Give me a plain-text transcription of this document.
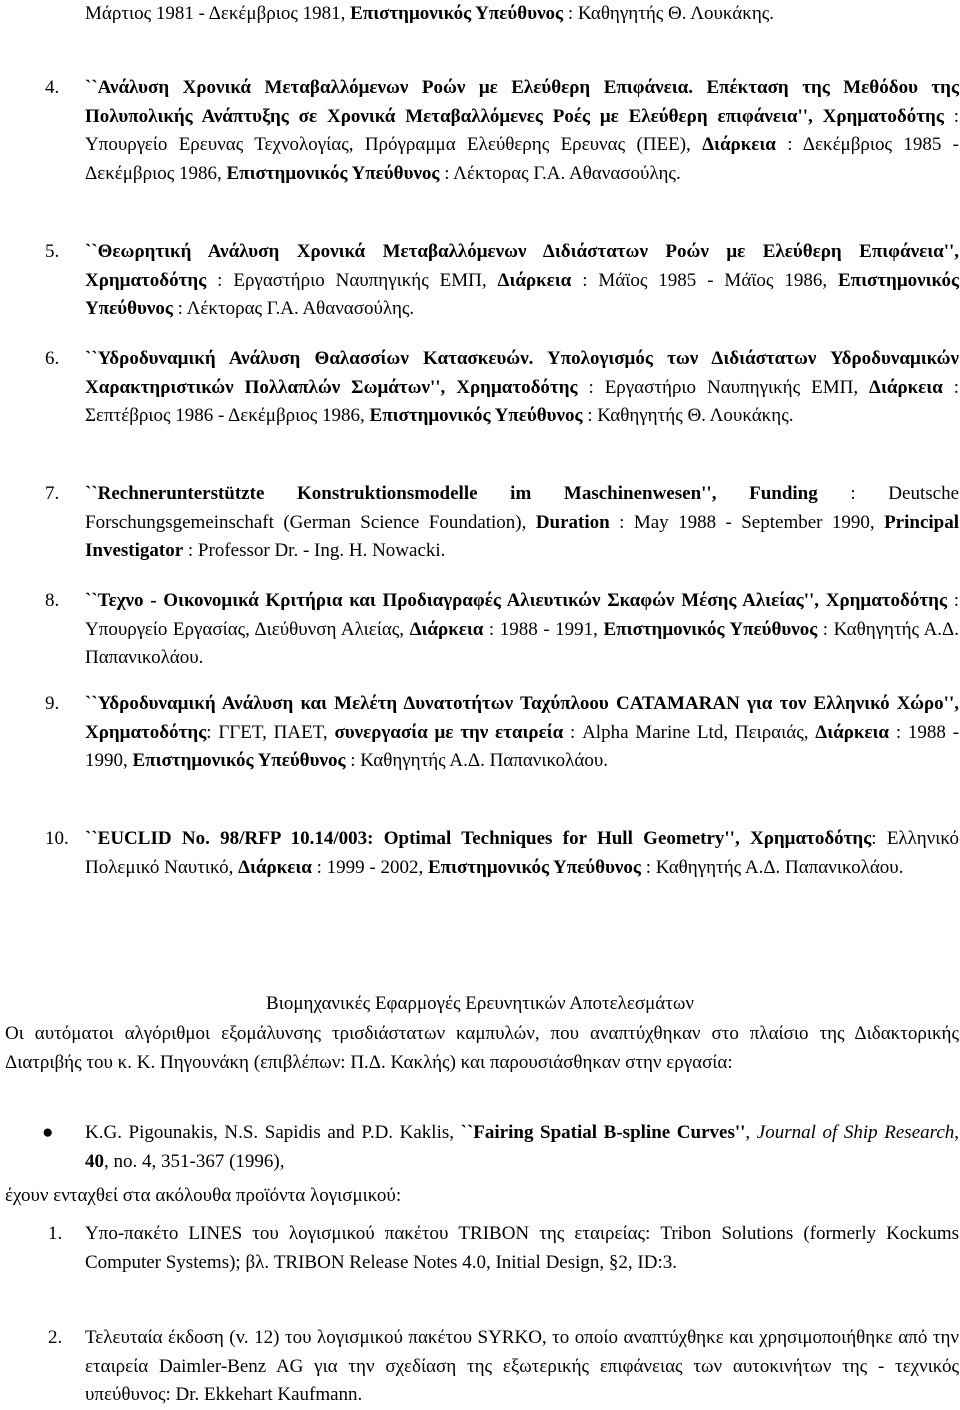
Μάρτιος 1981 - Δεκέμβριος 1981, Επιστημονικός Υπεύθυνος : Καθηγητής Θ. Λουκάκης.

4. ``Ανάλυση Χρονικά Μεταβαλλόμενων Ροών με Ελεύθερη Επιφάνεια. Επέκταση της Μεθόδου της Πολυπολικής Ανάπτυξης σε Χρονικά Μεταβαλλόμενες Ροές με Ελεύθερη επιφάνεια'', Χρηματοδότης : Υπουργείο Ερευνας Τεχνολογίας, Πρόγραμμα Ελεύθερης Ερευνας (ΠΕΕ), Διάρκεια : Δεκέμβριος 1985 - Δεκέμβριος 1986, Επιστημονικός Υπεύθυνος : Λέκτορας Γ.Α. Αθανασούλης.
5. ``Θεωρητική Ανάλυση Χρονικά Μεταβαλλόμενων Διδιάστατων Ροών με Ελεύθερη Επιφάνεια'', Χρηματοδότης : Εργαστήριο Ναυπηγικής ΕΜΠ, Διάρκεια : Μάϊος 1985 - Μάϊος 1986, Επιστημονικός Υπεύθυνος : Λέκτορας Γ.Α. Αθανασούλης.
6. ``Υδροδυναμική Ανάλυση Θαλασσίων Κατασκευών. Υπολογισμός των Διδιάστατων Υδροδυναμικών Χαρακτηριστικών Πολλαπλών Σωμάτων'', Χρηματοδότης : Εργαστήριο Ναυπηγικής ΕΜΠ, Διάρκεια : Σεπτέβριος 1986 - Δεκέμβριος 1986, Επιστημονικός Υπεύθυνος : Καθηγητής Θ. Λουκάκης.
7. ``Rechnerunterstützte Konstruktionsmodelle im Maschinenwesen'', Funding : Deutsche Forschungsgemeinschaft (German Science Foundation), Duration : May 1988 - September 1990, Principal Investigator : Professor Dr. - Ing. H. Nowacki.
8. ``Τεχνο - Οικονομικά Κριτήρια και Προδιαγραφές Αλιευτικών Σκαφών Μέσης Αλιείας'', Χρηματοδότης : Υπουργείο Εργασίας, Διεύθυνση Αλιείας, Διάρκεια : 1988 - 1991, Επιστημονικός Υπεύθυνος : Καθηγητής Α.Δ. Παπανικολάου.
9. ``Υδροδυναμική Ανάλυση και Μελέτη Δυνατοτήτων Ταχύπλοου CATAMARAN για τον Ελληνικό Χώρο'', Χρηματοδότης: ΓΓΕΤ, ΠΑΕΤ, συνεργασία με την εταιρεία : Alpha Marine Ltd, Πειραιάς, Διάρκεια : 1988 - 1990, Επιστημονικός Υπεύθυνος : Καθηγητής Α.Δ. Παπανικολάου.
10. ``EUCLID No. 98/RFP 10.14/003: Optimal Techniques for Hull Geometry'', Χρηματοδότης: Ελληνικό Πολεμικό Ναυτικό, Διάρκεια : 1999 - 2002, Επιστημονικός Υπεύθυνος : Καθηγητής Α.Δ. Παπανικολάου.
Βιομηχανικές Εφαρμογές Ερευνητικών Αποτελεσμάτων

Οι αυτόματοι αλγόριθμοι εξομάλυνσης τρισδιάστατων καμπυλών, που αναπτύχθηκαν στο πλαίσιο της Διδακτορικής Διατριβής του κ. Κ. Πηγουνάκη (επιβλέπων: Π.Δ. Κακλής) και παρουσιάσθηκαν στην εργασία:

● K.G. Pigounakis, N.S. Sapidis and P.D. Kaklis, ``Fairing Spatial B-spline Curves'', Journal of Ship Research, 40, no. 4, 351-367 (1996),

έχουν ενταχθεί στα ακόλουθα προϊόντα λογισμικού:

1. Υπο-πακέτο LINES του λογισμικού πακέτου TRIBON της εταιρείας: Tribon Solutions (formerly Kockums Computer Systems); βλ. TRIBON Release Notes 4.0, Initial Design, §2, ID:3.
2. Τελευταία έκδοση (v. 12) του λογισμικού πακέτου SYRKO, το οποίο αναπτύχθηκε και χρησιμοποιήθηκε από την εταιρεία Daimler-Benz AG για την σχεδίαση της εξωτερικής επιφάνειας των αυτοκινήτων της - τεχνικός υπεύθυνος: Dr. Ekkehart Kaufmann.
